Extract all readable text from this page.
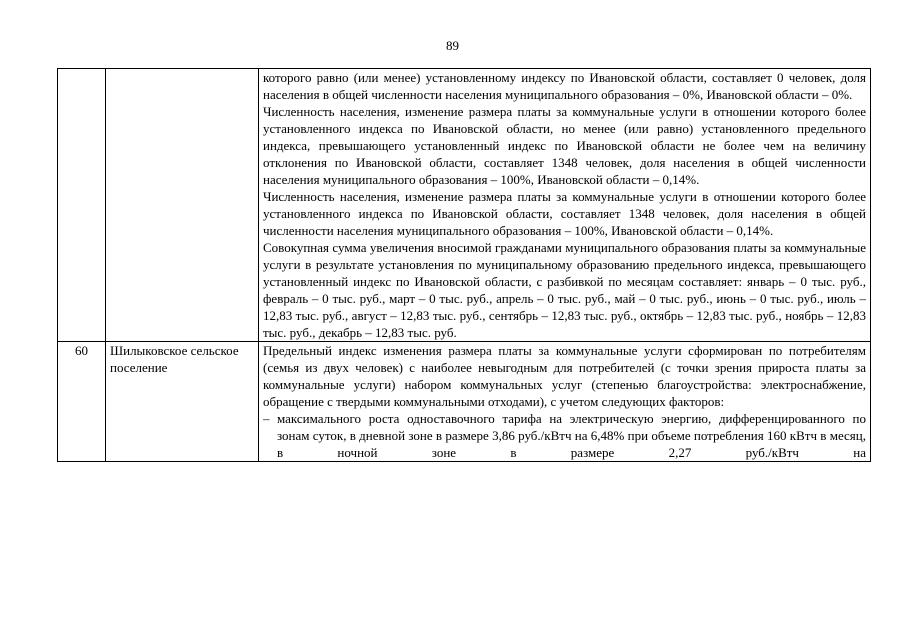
89

		которого равно (или менее) установленному индексу по Ивановской области, составляет 0 человек, доля населения в общей численности населения муниципального образования – 0%, Ивановской области – 0%.

Численность населения, изменение размера платы за коммунальные услуги в отношении которого более установленного индекса по Ивановской области, но менее (или равно) установленного предельного индекса, превышающего установленный индекс по Ивановской области не более чем на величину отклонения по Ивановской области, составляет 1348 человек, доля населения в общей численности населения муниципального образования – 100%, Ивановской области – 0,14%.

Численность населения, изменение размера платы за коммунальные услуги в отношении которого более установленного индекса по Ивановской области, составляет 1348 человек, доля населения в общей численности населения муниципального образования – 100%, Ивановской области – 0,14%.

Совокупная сумма увеличения вносимой гражданами муниципального образования платы за коммунальные услуги в результате установления по муниципальному образованию предельного индекса, превышающего установленный индекс по Ивановской области, с разбивкой по месяцам составляет: январь – 0 тыс. руб., февраль – 0 тыс. руб., март – 0 тыс. руб., апрель – 0 тыс. руб., май – 0 тыс. руб., июнь – 0 тыс. руб., июль – 12,83 тыс. руб., август – 12,83 тыс. руб., сентябрь – 12,83 тыс. руб., октябрь – 12,83 тыс. руб., ноябрь – 12,83 тыс. руб., декабрь – 12,83 тыс. руб.

60	Шилыковское сельское поселение	Предельный индекс изменения размера платы за коммунальные услуги сформирован по потребителям (семья из двух человек) с наиболее невыгодным для потребителей (с точки зрения прироста платы за коммунальные услуги) набором коммунальных услуг (степенью благоустройства: электроснабжение, обращение с твердыми коммунальными отходами), с учетом следующих факторов:

– максимального роста одноставочного тарифа на электрическую энергию, дифференцированного по зонам суток, в дневной зоне в размере 3,86 руб./кВтч на 6,48% при объеме потребления 160 кВтч в месяц, в ночной зоне в размере 2,27 руб./кВтч на
